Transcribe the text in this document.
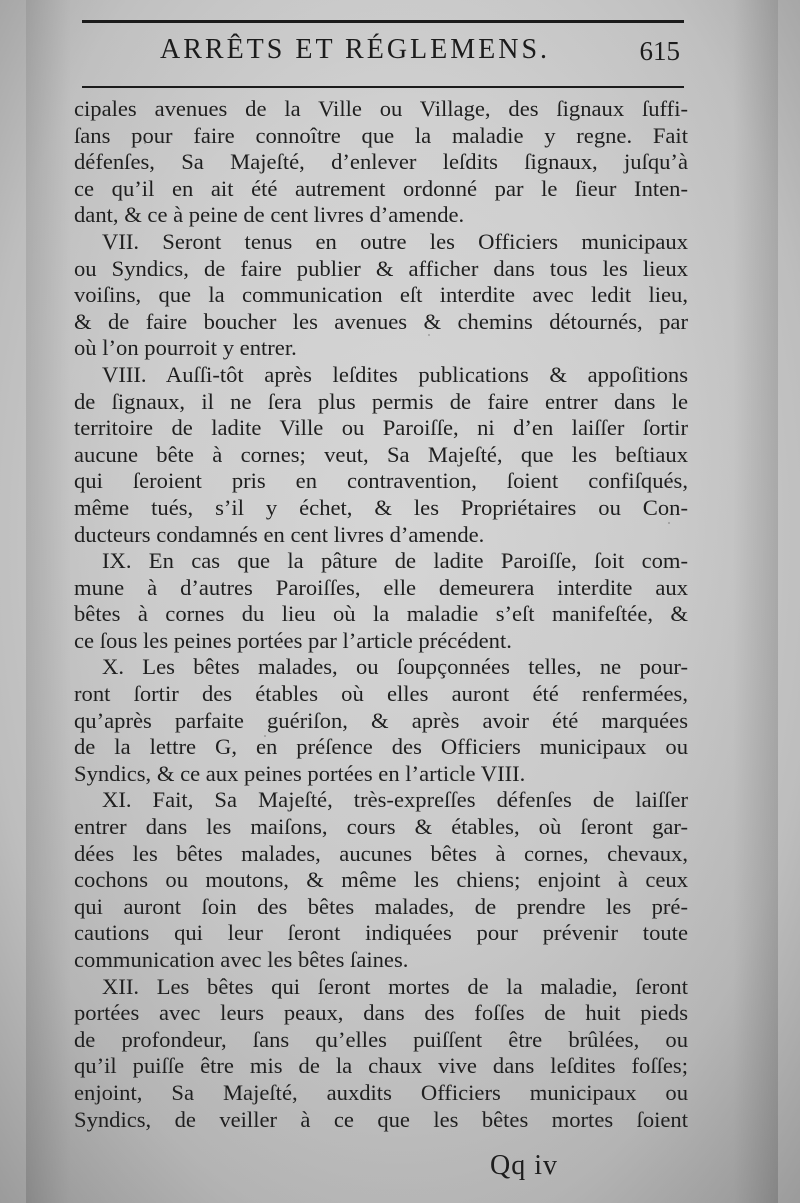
ARRÊTS ET RÉGLEMENS.	615
cipales avenues de la Ville ou Village, des ſignaux ſuffi-
ſans pour faire connoître que la maladie y regne. Fait
défenſes, Sa Majeſté, d’enlever leſdits ſignaux, juſqu’à
ce qu’il en ait été autrement ordonné par le ſieur Inten-
dant, & ce à peine de cent livres d’amende.
VII. Seront tenus en outre les Officiers municipaux
ou Syndics, de faire publier & afficher dans tous les lieux
voiſins, que la communication eſt interdite avec ledit lieu,
& de faire boucher les avenues & chemins détournés, par
où l’on pourroit y entrer.
VIII. Auſſi-tôt après leſdites publications & appoſitions
de ſignaux, il ne ſera plus permis de faire entrer dans le
territoire de ladite Ville ou Paroiſſe, ni d’en laiſſer ſortir
aucune bête à cornes; veut, Sa Majeſté, que les beſtiaux
qui ſeroient pris en contravention, ſoient confiſqués,
même tués, s’il y échet, & les Propriétaires ou Con-
ducteurs condamnés en cent livres d’amende.
IX. En cas que la pâture de ladite Paroiſſe, ſoit com-
mune à d’autres Paroiſſes, elle demeurera interdite aux
bêtes à cornes du lieu où la maladie s’eſt manifeſtée, &
ce ſous les peines portées par l’article précédent.
X. Les bêtes malades, ou ſoupçonnées telles, ne pour-
ront ſortir des étables où elles auront été renfermées,
qu’après parfaite guériſon, & après avoir été marquées
de la lettre G, en préſence des Officiers municipaux ou
Syndics, & ce aux peines portées en l’article VIII.
XI. Fait, Sa Majeſté, très-expreſſes défenſes de laiſſer
entrer dans les maiſons, cours & étables, où ſeront gar-
dées les bêtes malades, aucunes bêtes à cornes, chevaux,
cochons ou moutons, & même les chiens; enjoint à ceux
qui auront ſoin des bêtes malades, de prendre les pré-
cautions qui leur ſeront indiquées pour prévenir toute
communication avec les bêtes ſaines.
XII. Les bêtes qui ſeront mortes de la maladie, ſeront
portées avec leurs peaux, dans des foſſes de huit pieds
de profondeur, ſans qu’elles puiſſent être brûlées, ou
qu’il puiſſe être mis de la chaux vive dans leſdites foſſes;
enjoint, Sa Majeſté, auxdits Officiers municipaux ou
Syndics, de veiller à ce que les bêtes mortes ſoient
Qq iv
